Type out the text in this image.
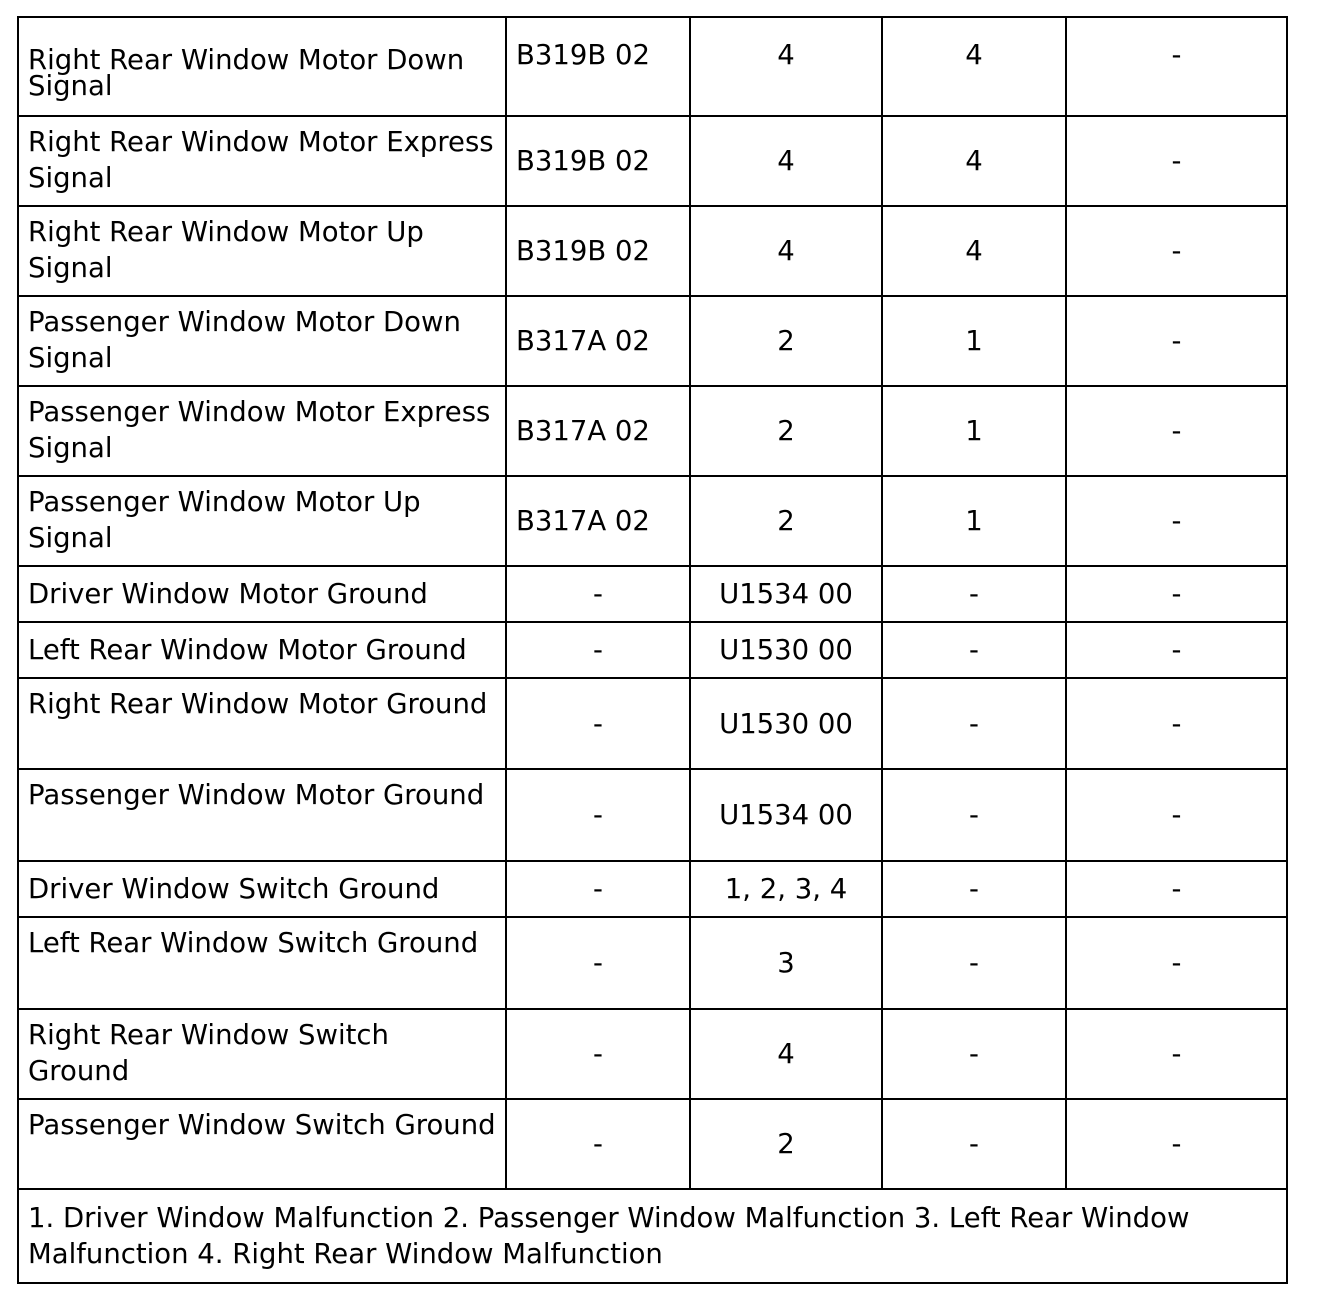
Right Rear Window Motor Down Signal	B319B 02	4	4	-
Right Rear Window Motor Express Signal	B319B 02	4	4	-
Right Rear Window Motor Up Signal	B319B 02	4	4	-
Passenger Window Motor Down Signal	B317A 02	2	1	-
Passenger Window Motor Express Signal	B317A 02	2	1	-
Passenger Window Motor Up Signal	B317A 02	2	1	-
Driver Window Motor Ground	-	U1534 00	-	-
Left Rear Window Motor Ground	-	U1530 00	-	-
Right Rear Window Motor Ground	-	U1530 00	-	-
Passenger Window Motor Ground	-	U1534 00	-	-
Driver Window Switch Ground	-	1, 2, 3, 4	-	-
Left Rear Window Switch Ground	-	3	-	-
Right Rear Window Switch Ground	-	4	-	-
Passenger Window Switch Ground	-	2	-	-
1. Driver Window Malfunction 2. Passenger Window Malfunction 3. Left Rear Window Malfunction 4. Right Rear Window Malfunction				
